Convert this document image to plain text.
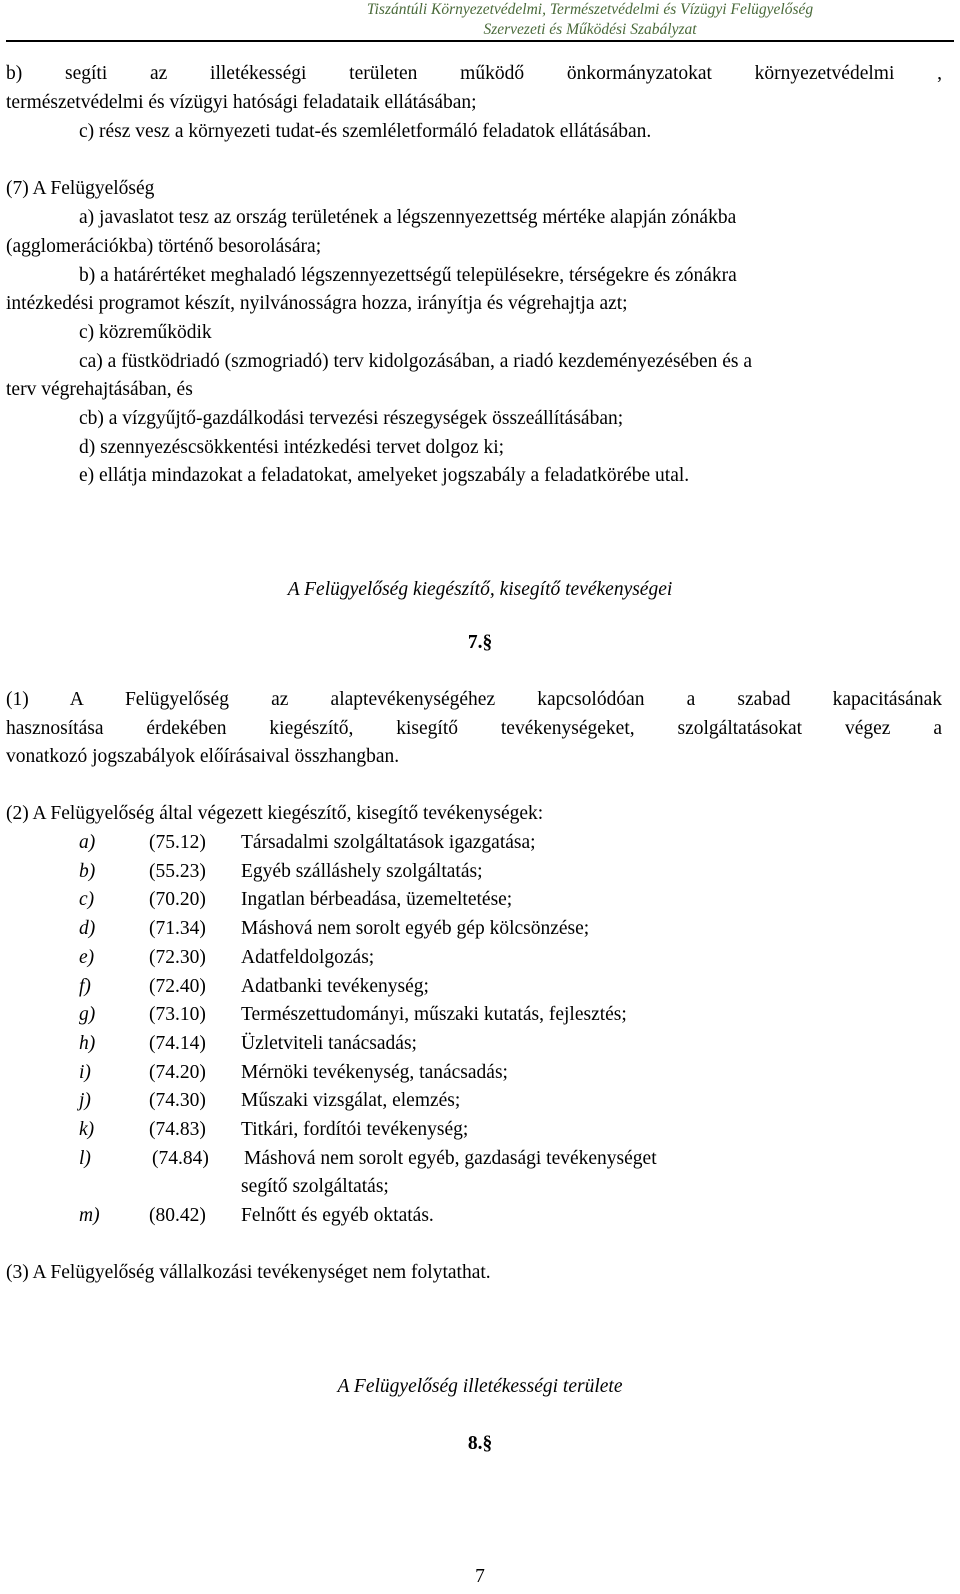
Tiszántúli Környezetvédelmi, Természetvédelmi és Vízügyi Felügyelőség
Szervezeti és Működési Szabályzat
b) segíti az illetékességi területen működő önkormányzatokat környezetvédelmi ,
természetvédelmi és vízügyi hatósági feladataik ellátásában;
c) rész vesz a környezeti tudat-és szemléletformáló feladatok ellátásában.
(7) A Felügyelőség
a) javaslatot tesz az ország területének a légszennyezettség mértéke alapján zónákba
(agglomerációkba) történő besorolására;
b) a határértéket meghaladó légszennyezettségű településekre, térségekre és zónákra
intézkedési programot készít, nyilvánosságra hozza, irányítja és végrehajtja azt;
c) közreműködik
ca) a füstködriadó (szmogriadó) terv kidolgozásában, a riadó kezdeményezésében és a
terv végrehajtásában, és
cb) a vízgyűjtő-gazdálkodási tervezési részegységek összeállításában;
d) szennyezéscsökkentési intézkedési tervet dolgoz ki;
e) ellátja mindazokat a feladatokat, amelyeket jogszabály a feladatkörébe utal.
A Felügyelőség kiegészítő, kisegítő tevékenységei
7.§
(1) A Felügyelőség az alaptevékenységéhez kapcsolódóan a szabad kapacitásának
hasznosítása érdekében kiegészítő, kisegítő tevékenységeket, szolgáltatásokat végez a
vonatkozó jogszabályok előírásaival összhangban.
(2) A Felügyelőség által végezett kiegészítő, kisegítő tevékenységek:
a)	(75.12) Társadalmi szolgáltatások igazgatása;
b)	(55.23) Egyéb szálláshely szolgáltatás;
c)	(70.20) Ingatlan bérbeadása, üzemeltetése;
d)	(71.34) Máshová nem sorolt egyéb gép kölcsönzése;
e)	(72.30) Adatfeldolgozás;
f)	(72.40) Adatbanki tevékenység;
g)	(73.10) Természettudományi, műszaki kutatás, fejlesztés;
h)	(74.14) Üzletviteli tanácsadás;
i)	(74.20) Mérnöki tevékenység, tanácsadás;
j)	(74.30) Műszaki vizsgálat, elemzés;
k)	(74.83) Titkári, fordítói tevékenység;
l)	(74.84) Máshová nem sorolt egyéb, gazdasági tevékenységet
segítő szolgáltatás;
m)	(80.42) Felnőtt és egyéb oktatás.
(3) A Felügyelőség vállalkozási tevékenységet nem folytathat.
A Felügyelőség illetékességi területe
8.§
7
